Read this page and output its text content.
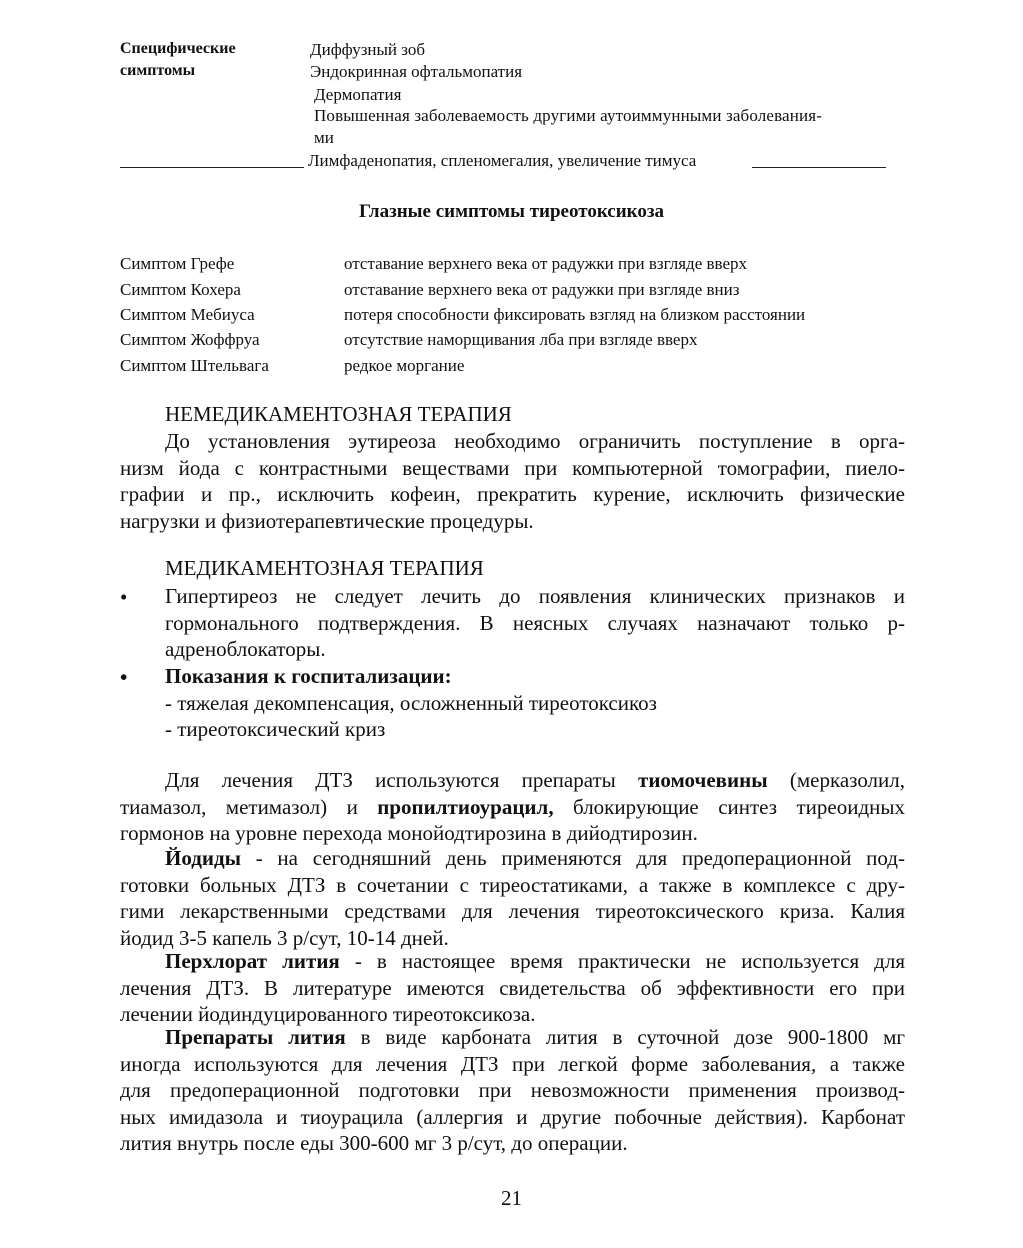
Специфические
симптомы
Диффузный зоб
Эндокринная офтальмопатия
Дермопатия
Повышенная заболеваемость другими аутоиммунными заболевания-
ми
Лимфаденопатия, спленомегалия, увеличение тимуса
Глазные симптомы тиреотоксикоза
Симптом Грефе	отставание верхнего века от радужки при взгляде вверх
Симптом Кохера	отставание верхнего века от радужки при взгляде вниз
Симптом Мебиуса	потеря способности фиксировать взгляд на близком расстоянии
Симптом Жоффруа	отсутствие наморщивания лба при взгляде вверх
Симптом Штельвага	редкое моргание
НЕМЕДИКАМЕНТОЗНАЯ ТЕРАПИЯ
До установления эутиреоза необходимо ограничить поступление в орга-
низм йода с контрастными веществами при компьютерной томографии, пиело-
графии и пр., исключить кофеин, прекратить курение, исключить физические
нагрузки и физиотерапевтические процедуры.
МЕДИКАМЕНТОЗНАЯ ТЕРАПИЯ
• Гипертиреоз не следует лечить до появления клинических признаков и
гормонального подтверждения. В неясных случаях назначают только р-
адреноблокаторы.
• Показания к госпитализации:
- тяжелая декомпенсация, осложненный тиреотоксикоз
- тиреотоксический криз
Для лечения ДТЗ используются препараты тиомочевины (мерказолил,
тиамазол, метимазол) и пропилтиоурацил, блокирующие синтез тиреоидных
гормонов на уровне перехода монойодтирозина в дийодтирозин.
Йодиды - на сегодняшний день применяются для предоперационной под-
готовки больных ДТЗ в сочетании с тиреостатиками, а также в комплексе с дру-
гими лекарственными средствами для лечения тиреотоксического криза. Калия
йодид 3-5 капель 3 р/сут, 10-14 дней.
Перхлорат лития - в настоящее время практически не используется для
лечения ДТЗ. В литературе имеются свидетельства об эффективности его при
лечении йодиндуцированного тиреотоксикоза.
Препараты лития в виде карбоната лития в суточной дозе 900-1800 мг
иногда используются для лечения ДТЗ при легкой форме заболевания, а также
для предоперационной подготовки при невозможности применения производ-
ных имидазола и тиоурацила (аллергия и другие побочные действия). Карбонат
лития внутрь после еды 300-600 мг 3 р/сут, до операции.
21
